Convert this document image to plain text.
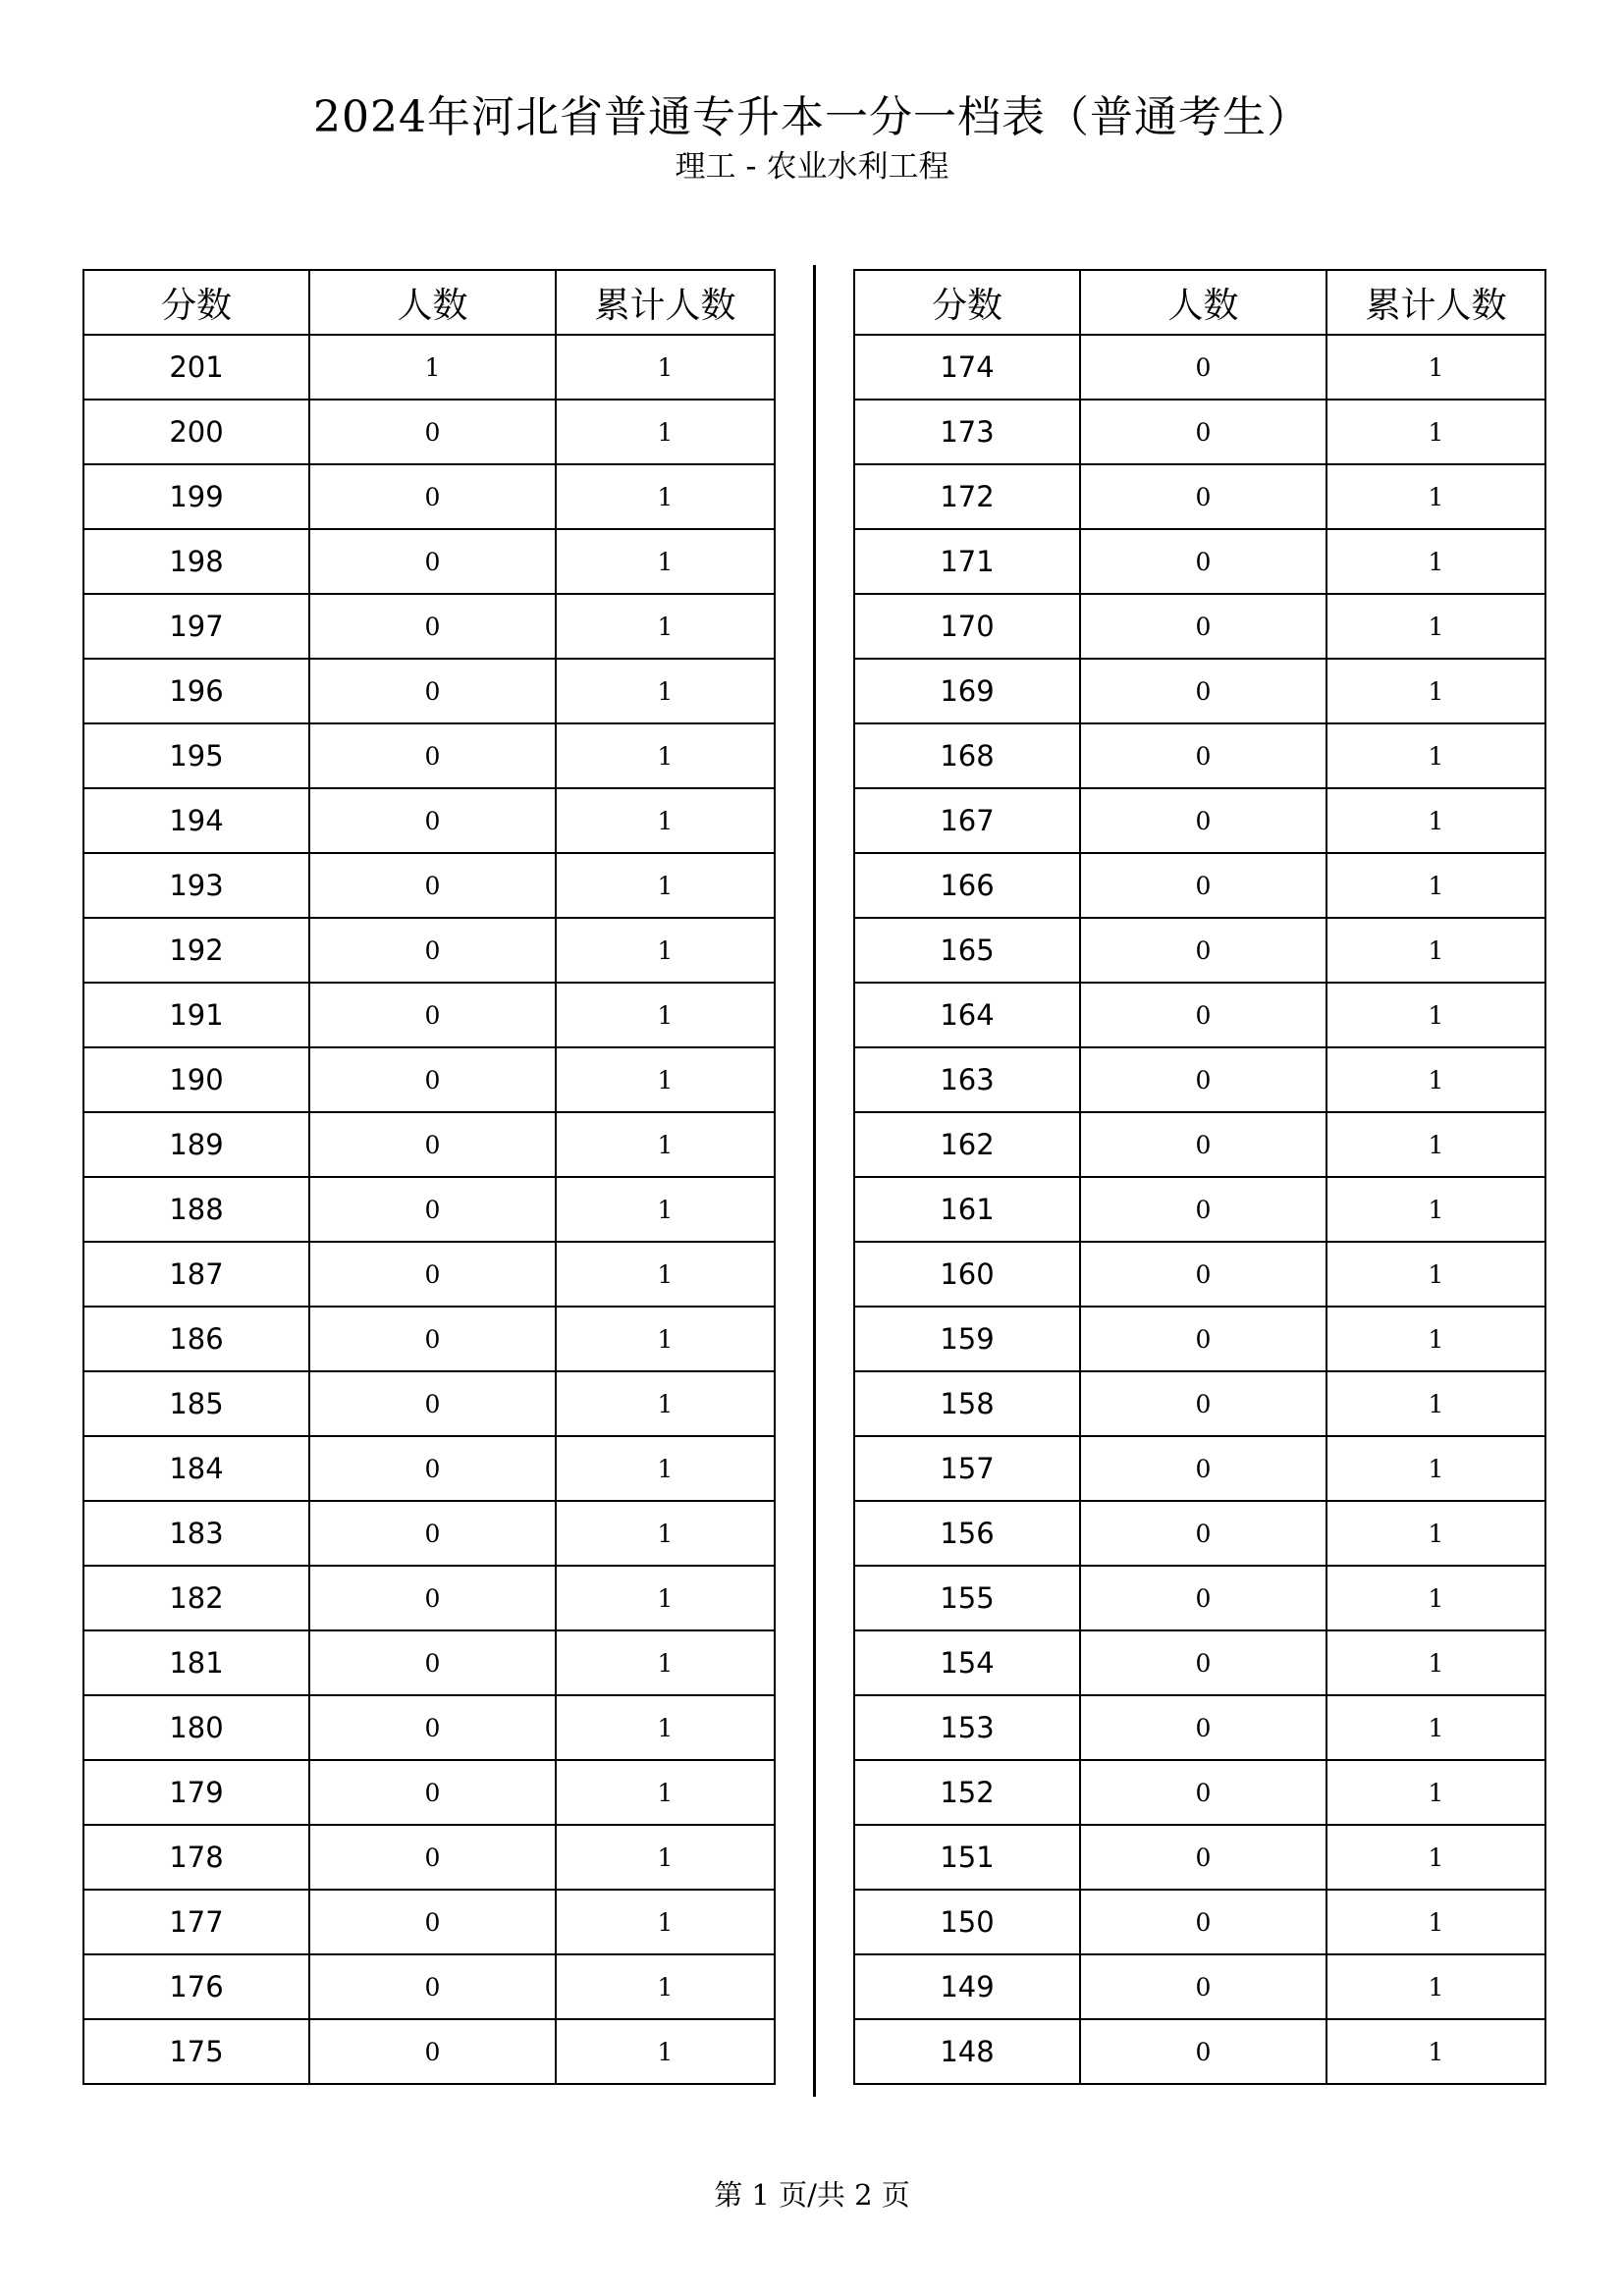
2024年河北省普通专升本一分一档表（普通考生）
理工 - 农业水利工程
分数	人数	累计人数
201	1	1
200	0	1
199	0	1
198	0	1
197	0	1
196	0	1
195	0	1
194	0	1
193	0	1
192	0	1
191	0	1
190	0	1
189	0	1
188	0	1
187	0	1
186	0	1
185	0	1
184	0	1
183	0	1
182	0	1
181	0	1
180	0	1
179	0	1
178	0	1
177	0	1
176	0	1
175	0	1
分数	人数	累计人数
174	0	1
173	0	1
172	0	1
171	0	1
170	0	1
169	0	1
168	0	1
167	0	1
166	0	1
165	0	1
164	0	1
163	0	1
162	0	1
161	0	1
160	0	1
159	0	1
158	0	1
157	0	1
156	0	1
155	0	1
154	0	1
153	0	1
152	0	1
151	0	1
150	0	1
149	0	1
148	0	1
第 1 页/共 2 页
